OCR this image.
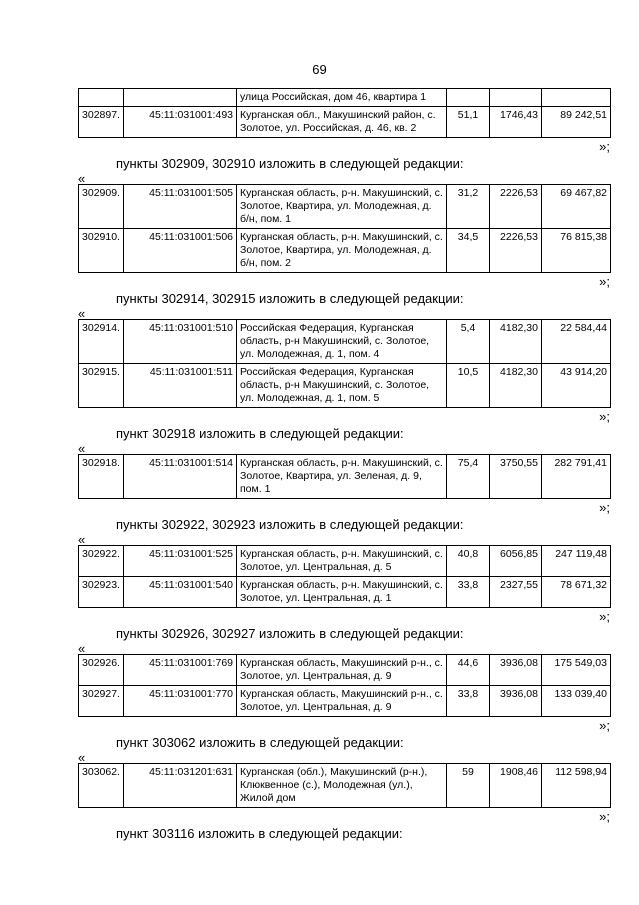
69
		улица Российская, дом 46, квартира 1			
302897.	45:11:031001:493	Курганская обл., Макушинский район, с. Золотое, ул. Российская, д. 46, кв. 2	51,1	1746,43	89 242,51
»;
пункты 302909, 302910 изложить в следующей редакции:
«
302909.	45:11:031001:505	Курганская область, р-н. Макушинский, с. Золотое, Квартира, ул. Молодежная, д. б/н, пом. 1	31,2	2226,53	69 467,82
302910.	45:11:031001:506	Курганская область, р-н. Макушинский, с. Золотое, Квартира, ул. Молодежная, д. б/н, пом. 2	34,5	2226,53	76 815,38
»;
пункты 302914, 302915 изложить в следующей редакции:
«
302914.	45:11:031001:510	Российская Федерация, Курганская область, р-н Макушинский, с. Золотое, ул. Молодежная, д. 1, пом. 4	5,4	4182,30	22 584,44
302915.	45:11:031001:511	Российская Федерация, Курганская область, р-н Макушинский, с. Золотое, ул. Молодежная, д. 1, пом. 5	10,5	4182,30	43 914,20
»;
пункт 302918 изложить в следующей редакции:
«
302918.	45:11:031001:514	Курганская область, р-н. Макушинский, с. Золотое, Квартира, ул. Зеленая, д. 9, пом. 1	75,4	3750,55	282 791,41
»;
пункты 302922, 302923 изложить в следующей редакции:
«
302922.	45:11:031001:525	Курганская область, р-н. Макушинский, с. Золотое, ул. Центральная, д. 5	40,8	6056,85	247 119,48
302923.	45:11:031001:540	Курганская область, р-н. Макушинский, с. Золотое, ул. Центральная, д. 1	33,8	2327,55	78 671,32
»;
пункты 302926, 302927 изложить в следующей редакции:
«
302926.	45:11:031001:769	Курганская область, Макушинский р-н., с. Золотое, ул. Центральная, д. 9	44,6	3936,08	175 549,03
302927.	45:11:031001:770	Курганская область, Макушинский р-н., с. Золотое, ул. Центральная, д. 9	33,8	3936,08	133 039,40
»;
пункт 303062 изложить в следующей редакции:
«
303062.	45:11:031201:631	Курганская (обл.), Макушинский (р-н.), Клюквенное (с.), Молодежная (ул.), Жилой дом	59	1908,46	112 598,94
»;
пункт 303116 изложить в следующей редакции:
